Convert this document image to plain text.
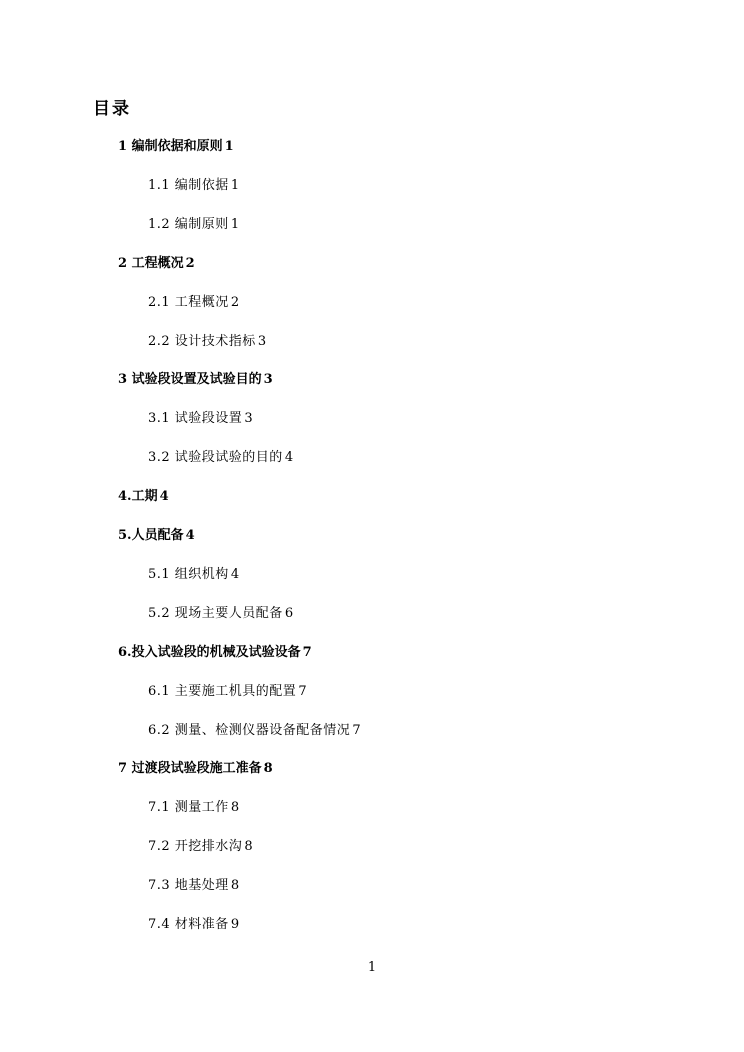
目录
1 编制依据和原则 1
1.1 编制依据 1
1.2 编制原则 1
2 工程概况 2
2.1 工程概况 2
2.2 设计技术指标 3
3 试验段设置及试验目的 3
3.1 试验段设置 3
3.2 试验段试验的目的 4
4.工期 4
5.人员配备 4
5.1 组织机构 4
5.2 现场主要人员配备 6
6.投入试验段的机械及试验设备 7
6.1 主要施工机具的配置 7
6.2 测量、检测仪器设备配备情况 7
7 过渡段试验段施工准备 8
7.1 测量工作 8
7.2 开挖排水沟 8
7.3 地基处理 8
7.4 材料准备 9
1
